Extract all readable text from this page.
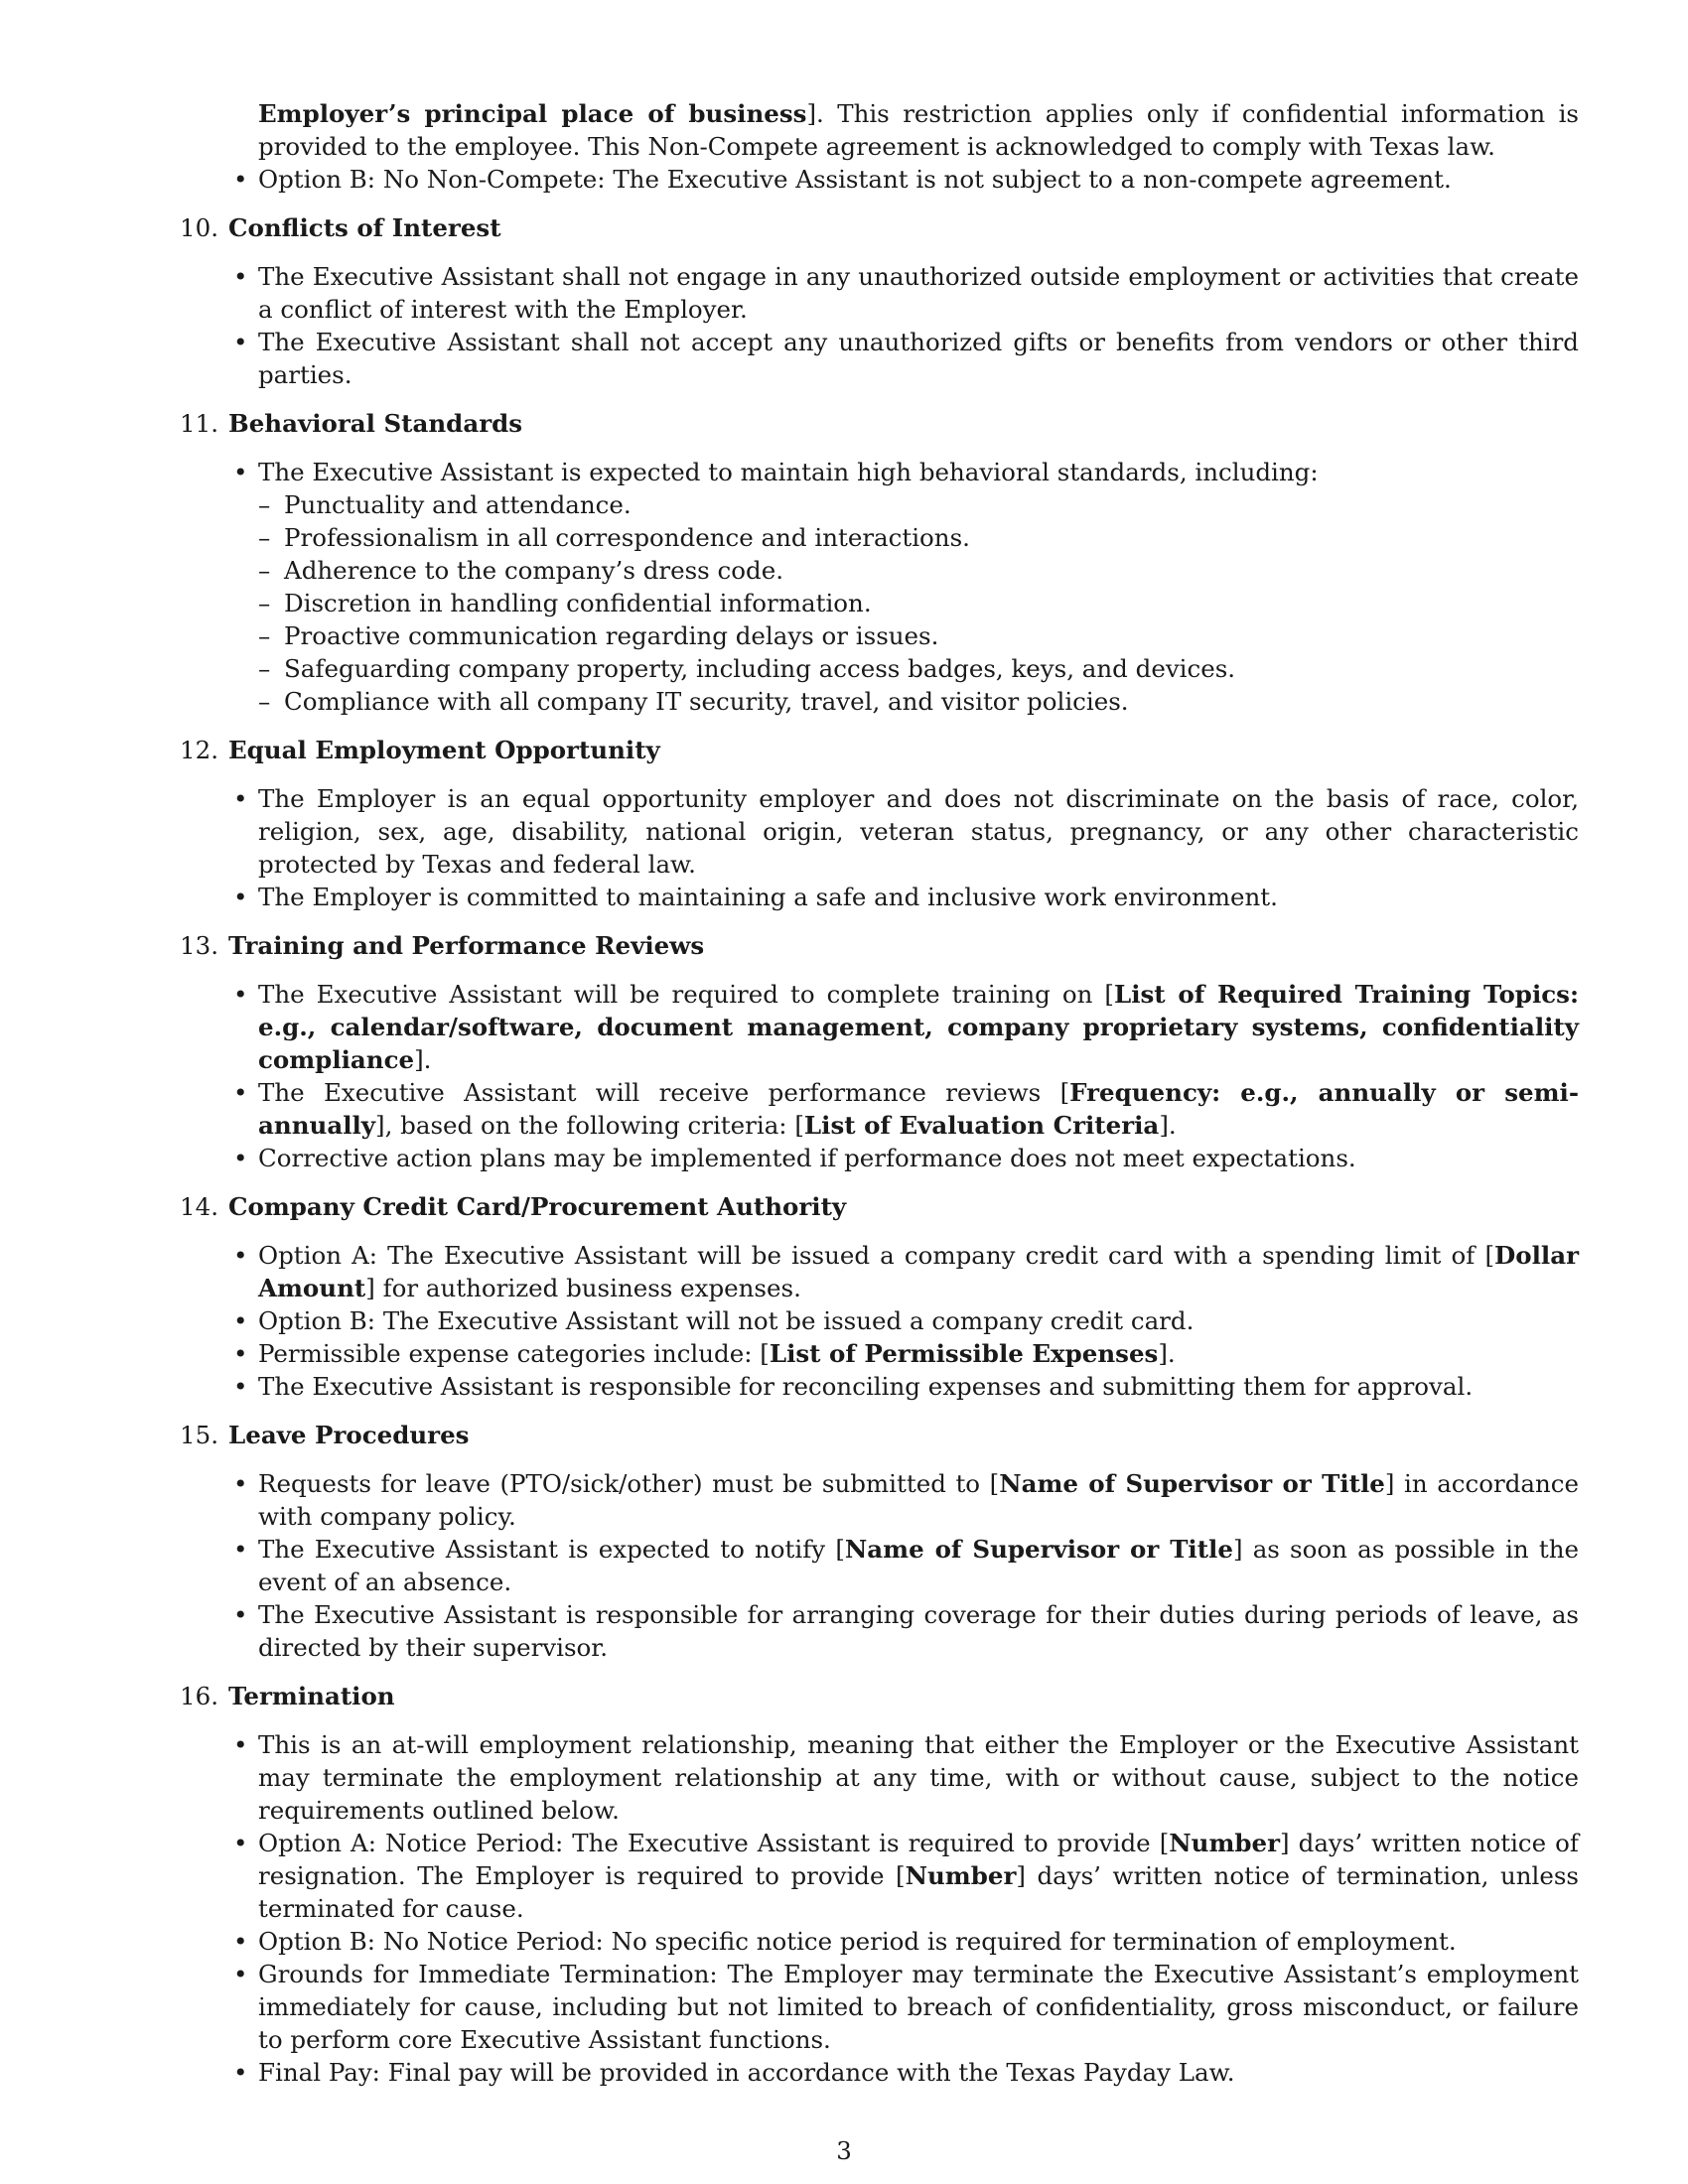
Employer’s principal place of business]. This restriction applies only if confidential information is provided to the employee. This Non-Compete agreement is acknowledged to comply with Texas law.
• Option B: No Non-Compete: The Executive Assistant is not subject to a non-compete agreement.
10. Conflicts of Interest
• The Executive Assistant shall not engage in any unauthorized outside employment or activities that create a conflict of interest with the Employer.
• The Executive Assistant shall not accept any unauthorized gifts or benefits from vendors or other third parties.
11. Behavioral Standards
• The Executive Assistant is expected to maintain high behavioral standards, including:
– Punctuality and attendance.
– Professionalism in all correspondence and interactions.
– Adherence to the company’s dress code.
– Discretion in handling confidential information.
– Proactive communication regarding delays or issues.
– Safeguarding company property, including access badges, keys, and devices.
– Compliance with all company IT security, travel, and visitor policies.
12. Equal Employment Opportunity
• The Employer is an equal opportunity employer and does not discriminate on the basis of race, color, religion, sex, age, disability, national origin, veteran status, pregnancy, or any other characteristic protected by Texas and federal law.
• The Employer is committed to maintaining a safe and inclusive work environment.
13. Training and Performance Reviews
• The Executive Assistant will be required to complete training on [List of Required Training Topics: e.g., calendar/software, document management, company proprietary systems, confidentiality compliance].
• The Executive Assistant will receive performance reviews [Frequency: e.g., annually or semi-annually], based on the following criteria: [List of Evaluation Criteria].
• Corrective action plans may be implemented if performance does not meet expectations.
14. Company Credit Card/Procurement Authority
• Option A: The Executive Assistant will be issued a company credit card with a spending limit of [Dollar Amount] for authorized business expenses.
• Option B: The Executive Assistant will not be issued a company credit card.
• Permissible expense categories include: [List of Permissible Expenses].
• The Executive Assistant is responsible for reconciling expenses and submitting them for approval.
15. Leave Procedures
• Requests for leave (PTO/sick/other) must be submitted to [Name of Supervisor or Title] in accordance with company policy.
• The Executive Assistant is expected to notify [Name of Supervisor or Title] as soon as possible in the event of an absence.
• The Executive Assistant is responsible for arranging coverage for their duties during periods of leave, as directed by their supervisor.
16. Termination
• This is an at-will employment relationship, meaning that either the Employer or the Executive Assistant may terminate the employment relationship at any time, with or without cause, subject to the notice requirements outlined below.
• Option A: Notice Period: The Executive Assistant is required to provide [Number] days’ written notice of resignation. The Employer is required to provide [Number] days’ written notice of termination, unless terminated for cause.
• Option B: No Notice Period: No specific notice period is required for termination of employment.
• Grounds for Immediate Termination: The Employer may terminate the Executive Assistant’s employment immediately for cause, including but not limited to breach of confidentiality, gross misconduct, or failure to perform core Executive Assistant functions.
• Final Pay: Final pay will be provided in accordance with the Texas Payday Law.
3
